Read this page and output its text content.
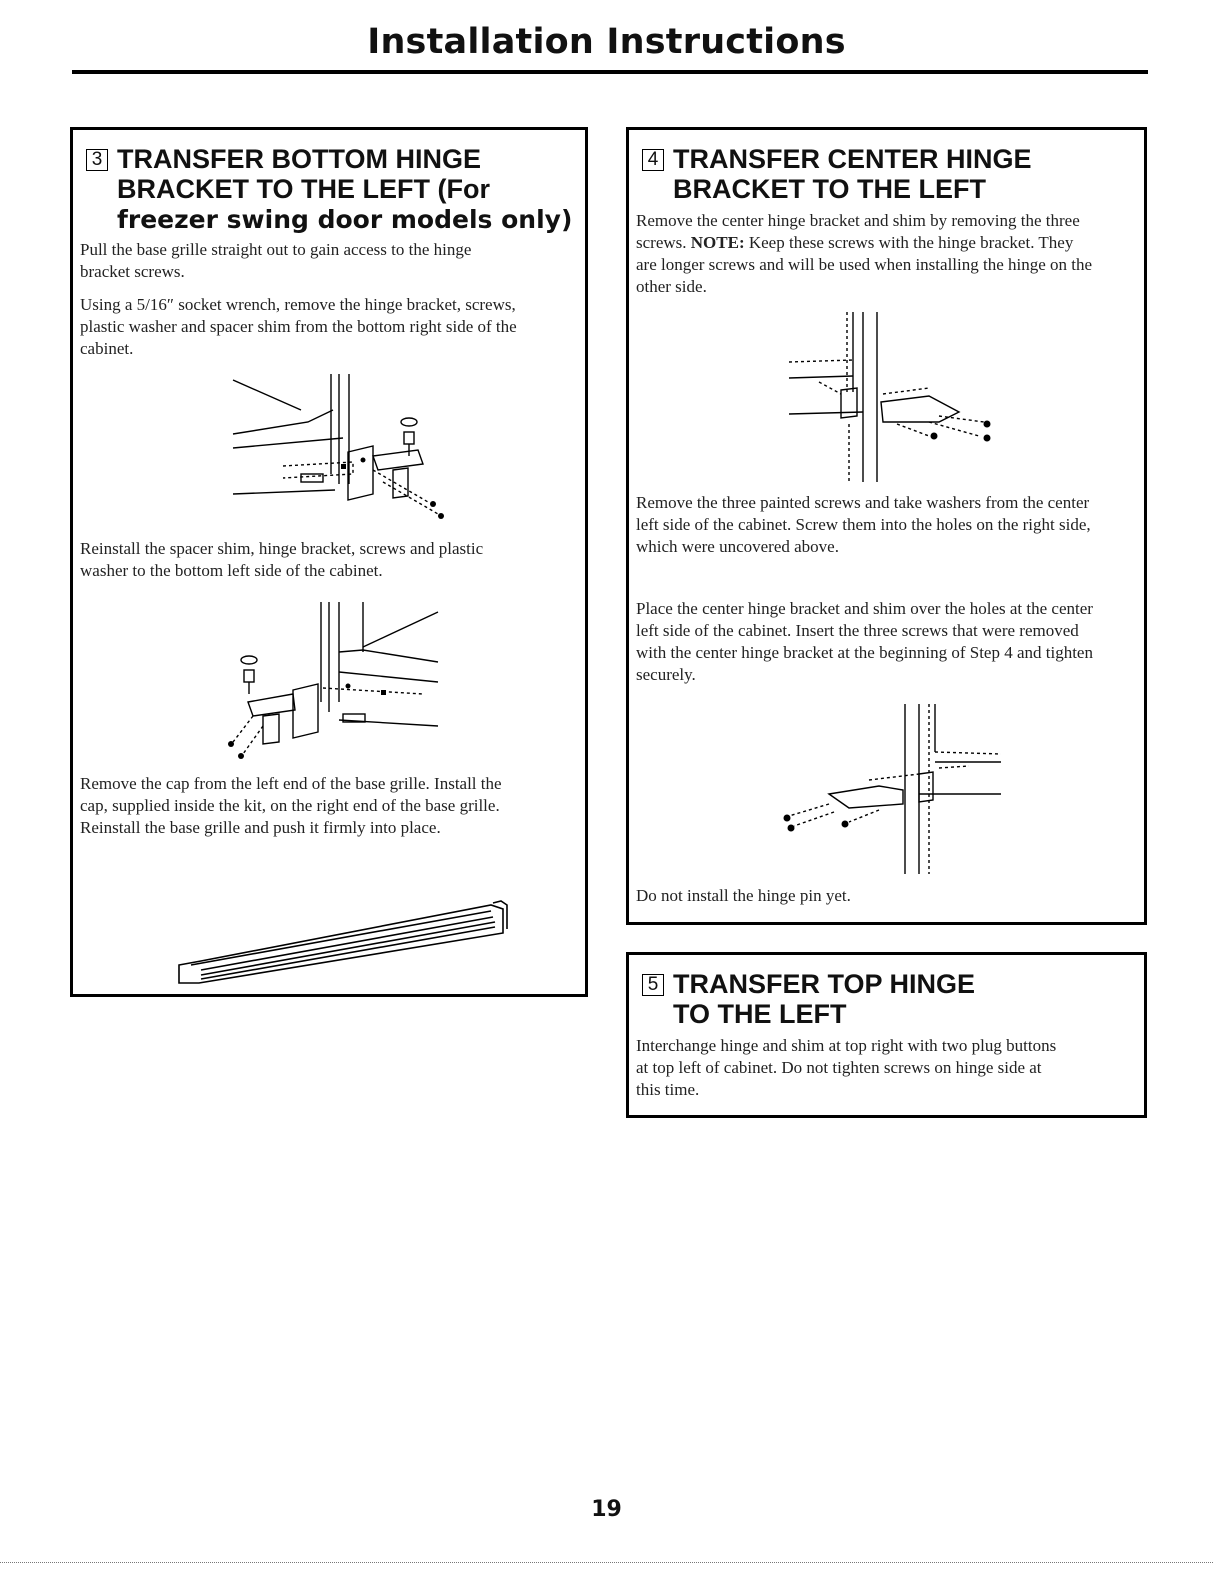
Installation Instructions
3 TRANSFER BOTTOM HINGE
BRACKET TO THE LEFT (For
freezer swing door models only)

Pull the base grille straight out to gain access to the hinge bracket screws.

Using a 5/16″ socket wrench, remove the hinge bracket, screws, plastic washer and spacer shim from the bottom right side of the cabinet.

Reinstall the spacer shim, hinge bracket, screws and plastic washer to the bottom left side of the cabinet.

Remove the cap from the left end of the base grille. Install the cap, supplied inside the kit, on the right end of the base grille. Reinstall the base grille and push it firmly into place.

4 TRANSFER CENTER HINGE
BRACKET TO THE LEFT

Remove the center hinge bracket and shim by removing the three screws. NOTE: Keep these screws with the hinge bracket. They are longer screws and will be used when installing the hinge on the other side.

Remove the three painted screws and take washers from the center left side of the cabinet. Screw them into the holes on the right side, which were uncovered above.

Place the center hinge bracket and shim over the holes at the center left side of the cabinet. Insert the three screws that were removed with the center hinge bracket at the beginning of Step 4 and tighten securely.

Do not install the hinge pin yet.

5 TRANSFER TOP HINGE
TO THE LEFT

Interchange hinge and shim at top right with two plug buttons at top left of cabinet. Do not tighten screws on hinge side at this time.

19
